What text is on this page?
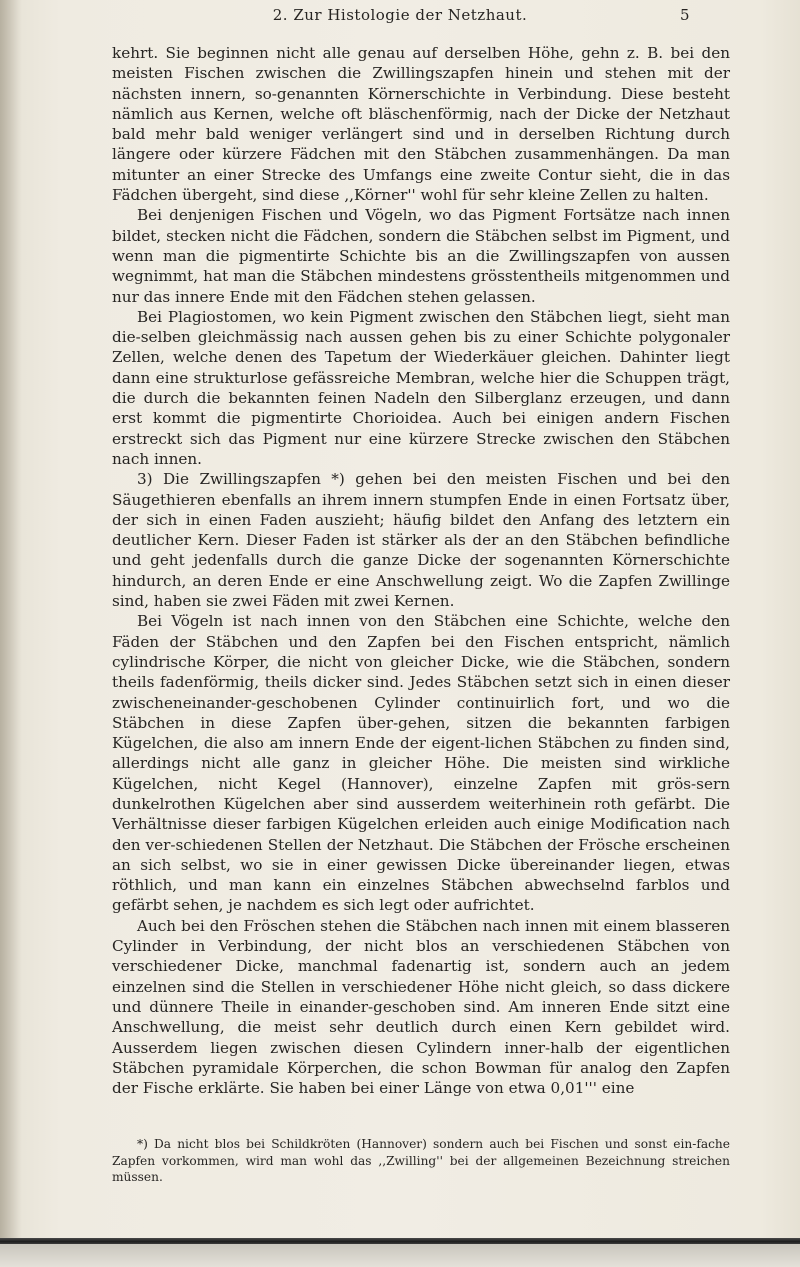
2. Zur Histologie der Netzhaut.	5

kehrt. Sie beginnen nicht alle genau auf derselben Höhe, gehn z. B. bei den meisten Fischen zwischen die Zwillingszapfen hinein und stehen mit der nächsten innern, so-genannten Körnerschichte in Verbindung. Diese besteht nämlich aus Kernen, welche oft bläschenförmig, nach der Dicke der Netzhaut bald mehr bald weniger verlängert sind und in derselben Richtung durch längere oder kürzere Fädchen mit den Stäbchen zusammenhängen. Da man mitunter an einer Strecke des Umfangs eine zweite Contur sieht, die in das Fädchen übergeht, sind diese ,,Körner'' wohl für sehr kleine Zellen zu halten.

Bei denjenigen Fischen und Vögeln, wo das Pigment Fortsätze nach innen bildet, stecken nicht die Fädchen, sondern die Stäbchen selbst im Pigment, und wenn man die pigmentirte Schichte bis an die Zwillingszapfen von aussen wegnimmt, hat man die Stäbchen mindestens grösstentheils mitgenommen und nur das innere Ende mit den Fädchen stehen gelassen.

Bei Plagiostomen, wo kein Pigment zwischen den Stäbchen liegt, sieht man die-selben gleichmässig nach aussen gehen bis zu einer Schichte polygonaler Zellen, welche denen des Tapetum der Wiederkäuer gleichen. Dahinter liegt dann eine strukturlose gefässreiche Membran, welche hier die Schuppen trägt, die durch die bekannten feinen Nadeln den Silberglanz erzeugen, und dann erst kommt die pigmentirte Chorioidea. Auch bei einigen andern Fischen erstreckt sich das Pigment nur eine kürzere Strecke zwischen den Stäbchen nach innen.

3) Die Zwillingszapfen *) gehen bei den meisten Fischen und bei den Säugethieren ebenfalls an ihrem innern stumpfen Ende in einen Fortsatz über, der sich in einen Faden auszieht; häufig bildet den Anfang des letztern ein deutlicher Kern. Dieser Faden ist stärker als der an den Stäbchen befindliche und geht jedenfalls durch die ganze Dicke der sogenannten Körnerschichte hindurch, an deren Ende er eine Anschwellung zeigt. Wo die Zapfen Zwillinge sind, haben sie zwei Fäden mit zwei Kernen.

Bei Vögeln ist nach innen von den Stäbchen eine Schichte, welche den Fäden der Stäbchen und den Zapfen bei den Fischen entspricht, nämlich cylindrische Körper, die nicht von gleicher Dicke, wie die Stäbchen, sondern theils fadenförmig, theils dicker sind. Jedes Stäbchen setzt sich in einen dieser zwischeneinander-geschobenen Cylinder continuirlich fort, und wo die Stäbchen in diese Zapfen über-gehen, sitzen die bekannten farbigen Kügelchen, die also am innern Ende der eigent-lichen Stäbchen zu finden sind, allerdings nicht alle ganz in gleicher Höhe. Die meisten sind wirkliche Kügelchen, nicht Kegel (Hannover), einzelne Zapfen mit grös-sern dunkelrothen Kügelchen aber sind ausserdem weiterhinein roth gefärbt. Die Verhältnisse dieser farbigen Kügelchen erleiden auch einige Modification nach den ver-schiedenen Stellen der Netzhaut. Die Stäbchen der Frösche erscheinen an sich selbst, wo sie in einer gewissen Dicke übereinander liegen, etwas röthlich, und man kann ein einzelnes Stäbchen abwechselnd farblos und gefärbt sehen, je nachdem es sich legt oder aufrichtet.

Auch bei den Fröschen stehen die Stäbchen nach innen mit einem blasseren Cylinder in Verbindung, der nicht blos an verschiedenen Stäbchen von verschiedener Dicke, manchmal fadenartig ist, sondern auch an jedem einzelnen sind die Stellen in verschiedener Höhe nicht gleich, so dass dickere und dünnere Theile in einander-geschoben sind. Am inneren Ende sitzt eine Anschwellung, die meist sehr deutlich durch einen Kern gebildet wird. Ausserdem liegen zwischen diesen Cylindern inner-halb der eigentlichen Stäbchen pyramidale Körperchen, die schon Bowman für analog den Zapfen der Fische erklärte. Sie haben bei einer Länge von etwa 0,01''' eine

*) Da nicht blos bei Schildkröten (Hannover) sondern auch bei Fischen und sonst ein-fache Zapfen vorkommen, wird man wohl das ,,Zwilling'' bei der allgemeinen Bezeichnung streichen müssen.
